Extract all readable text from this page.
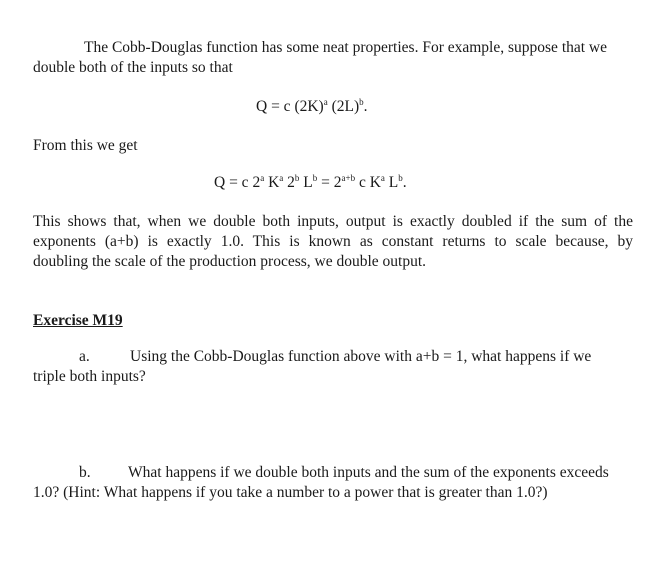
The Cobb-Douglas function has some neat properties. For example, suppose that we
double both of the inputs so that
Q = c $(2K)^a$ $(2L)^b$.
From this we get
Q = c 2$^a$ $K^a$ 2$^b$ $L^b = 2^{a+b}$ c $K^a$ $L^b$.
This shows that, when we double both inputs, output is exactly doubled if the sum of the
exponents (a+b) is exactly 1.0. This is known as constant returns to scale because, by
doubling the scale of the production process, we double output.
Exercise M19
a.	Using the Cobb-Douglas function above with a+b = 1, what happens if we
triple both inputs?
b. What happens if we double both inputs and the sum of the exponents exceeds
1.0? (Hint: What happens if you take a number to a power that is greater than 1.0?)
